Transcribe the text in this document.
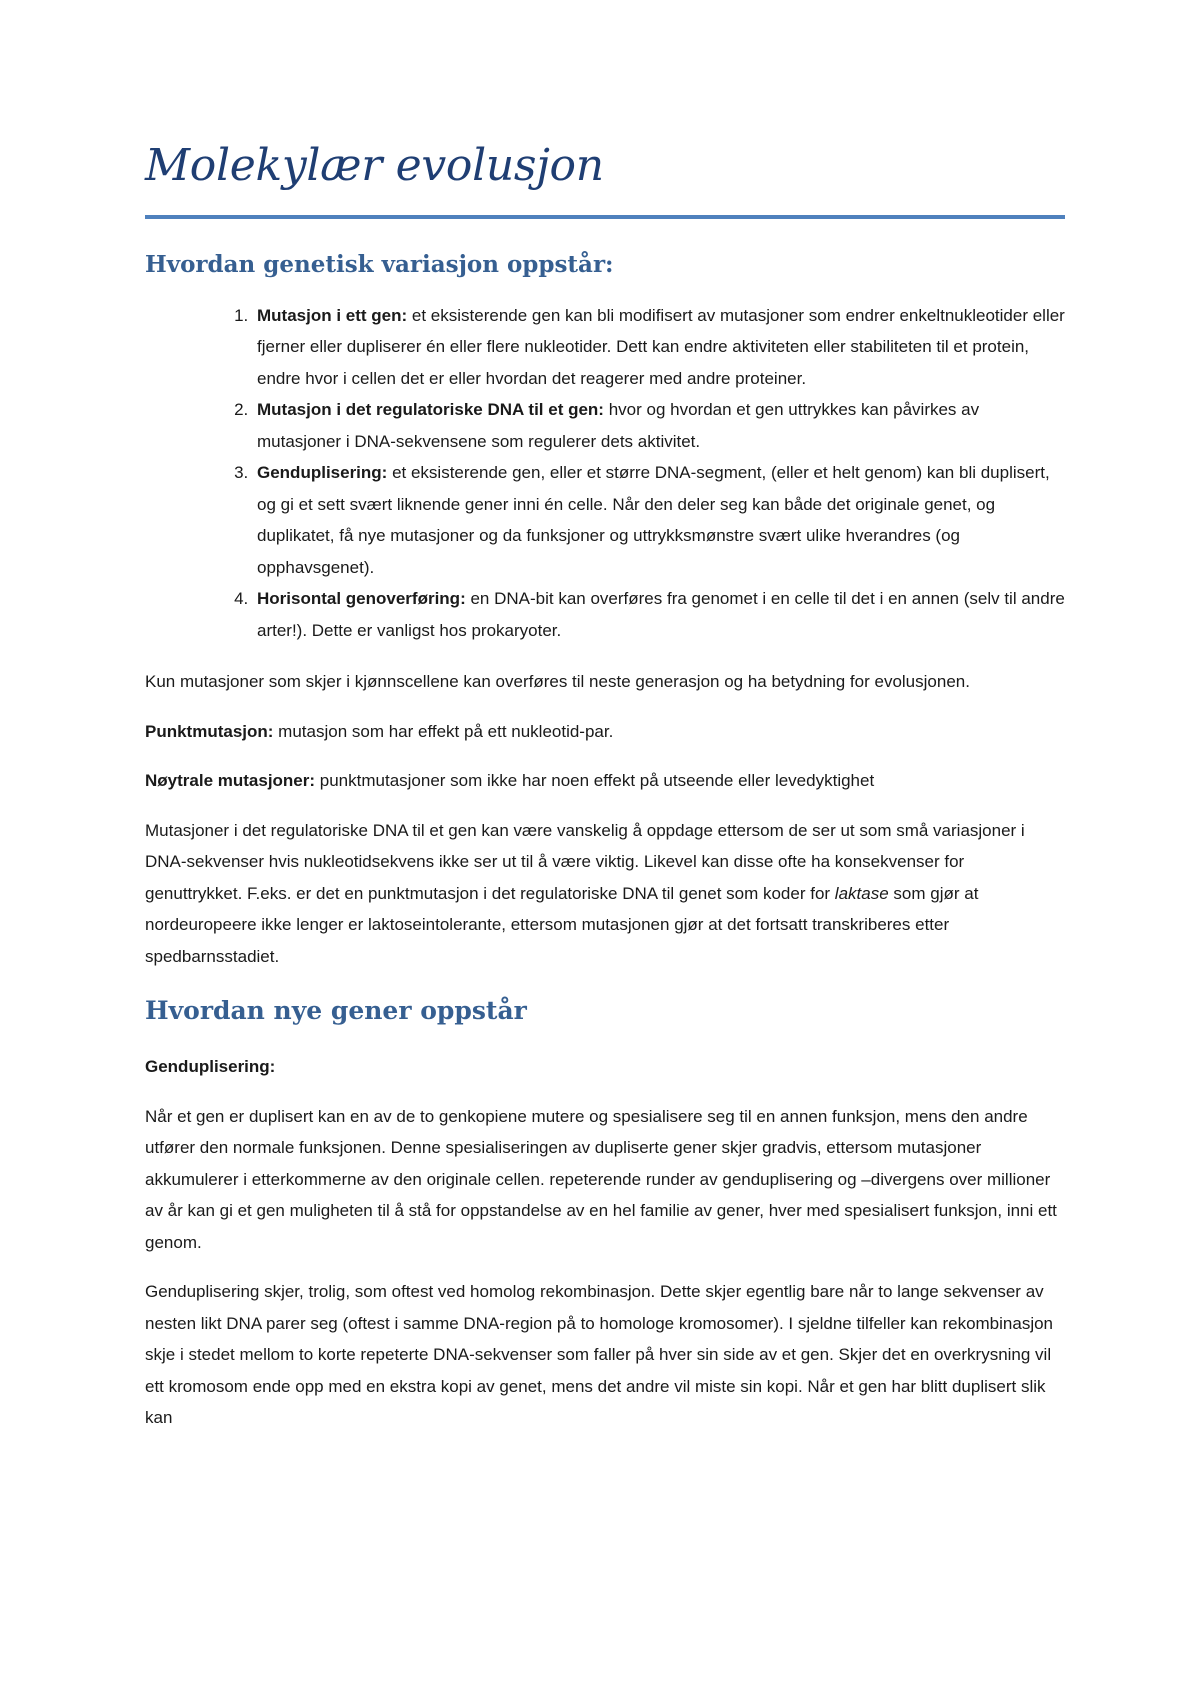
Molekylær evolusjon
Hvordan genetisk variasjon oppstår:
1. Mutasjon i ett gen: et eksisterende gen kan bli modifisert av mutasjoner som endrer enkeltnukleotider eller fjerner eller dupliserer én eller flere nukleotider. Dett kan endre aktiviteten eller stabiliteten til et protein, endre hvor i cellen det er eller hvordan det reagerer med andre proteiner.
2. Mutasjon i det regulatoriske DNA til et gen: hvor og hvordan et gen uttrykkes kan påvirkes av mutasjoner i DNA-sekvensene som regulerer dets aktivitet.
3. Genduplisering: et eksisterende gen, eller et større DNA-segment, (eller et helt genom) kan bli duplisert, og gi et sett svært liknende gener inni én celle. Når den deler seg kan både det originale genet, og duplikatet, få nye mutasjoner og da funksjoner og uttrykksmønstre svært ulike hverandres (og opphavsgenet).
4. Horisontal genoverføring: en DNA-bit kan overføres fra genomet i en celle til det i en annen (selv til andre arter!). Dette er vanligst hos prokaryoter.

Kun mutasjoner som skjer i kjønnscellene kan overføres til neste generasjon og ha betydning for evolusjonen.

Punktmutasjon: mutasjon som har effekt på ett nukleotid-par.

Nøytrale mutasjoner: punktmutasjoner som ikke har noen effekt på utseende eller levedyktighet

Mutasjoner i det regulatoriske DNA til et gen kan være vanskelig å oppdage ettersom de ser ut som små variasjoner i DNA-sekvenser hvis nukleotidsekvens ikke ser ut til å være viktig. Likevel kan disse ofte ha konsekvenser for genuttrykket. F.eks. er det en punktmutasjon i det regulatoriske DNA til genet som koder for laktase som gjør at nordeuropeere ikke lenger er laktoseintolerante, ettersom mutasjonen gjør at det fortsatt transkriberes etter spedbarnsstadiet.

Hvordan nye gener oppstår

Genduplisering:

Når et gen er duplisert kan en av de to genkopiene mutere og spesialisere seg til en annen funksjon, mens den andre utfører den normale funksjonen. Denne spesialiseringen av dupliserte gener skjer gradvis, ettersom mutasjoner akkumulerer i etterkommerne av den originale cellen. repeterende runder av genduplisering og –divergens over millioner av år kan gi et gen muligheten til å stå for oppstandelse av en hel familie av gener, hver med spesialisert funksjon, inni ett genom.

Genduplisering skjer, trolig, som oftest ved homolog rekombinasjon. Dette skjer egentlig bare når to lange sekvenser av nesten likt DNA parer seg (oftest i samme DNA-region på to homologe kromosomer). I sjeldne tilfeller kan rekombinasjon skje i stedet mellom to korte repeterte DNA-sekvenser som faller på hver sin side av et gen. Skjer det en overkrysning vil ett kromosom ende opp med en ekstra kopi av genet, mens det andre vil miste sin kopi. Når et gen har blitt duplisert slik kan
